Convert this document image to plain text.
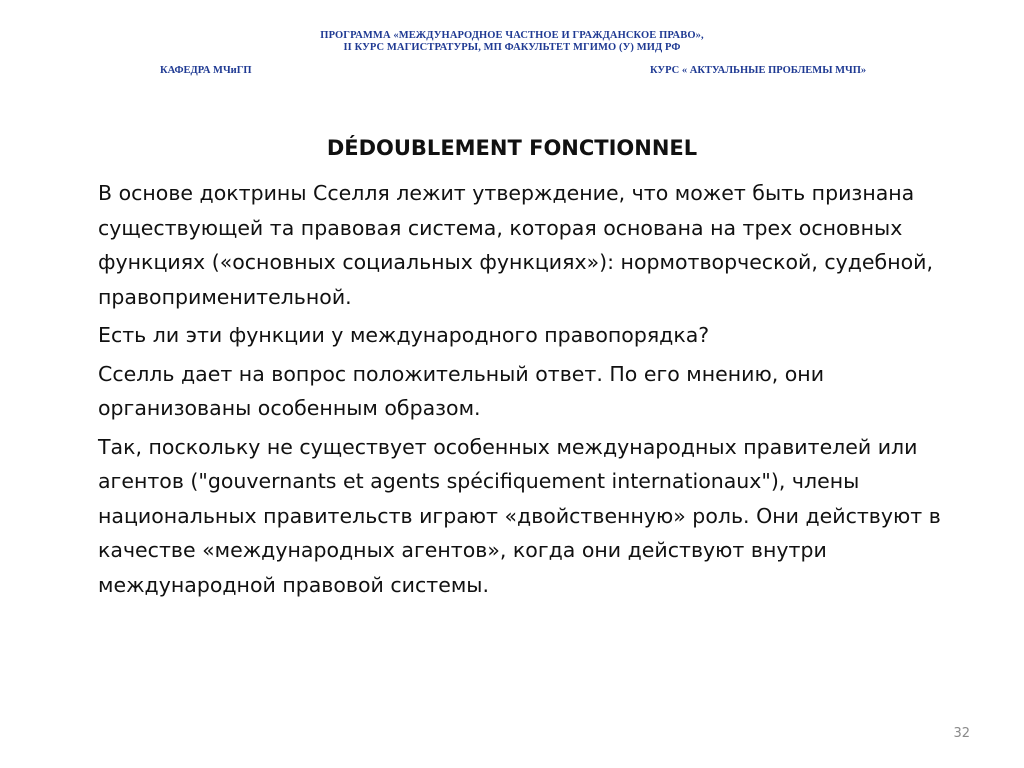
ПРОГРАММА «МЕЖДУНАРОДНОЕ ЧАСТНОЕ И ГРАЖДАНСКОЕ ПРАВО»,
II КУРС МАГИСТРАТУРЫ, МП ФАКУЛЬТЕТ МГИМО (У) МИД РФ
КАФЕДРА МЧиГП	КУРС « АКТУАЛЬНЫЕ ПРОБЛЕМЫ МЧП»
DÉDOUBLEMENT FONCTIONNEL

В основе доктрины Сселля лежит утверждение, что может быть признана существующей та правовая система, которая основана на трех основных функциях («основных социальных функциях»): нормотворческой, судебной, правоприменительной.

Есть ли эти функции у международного правопорядка?

Сселль дает на вопрос положительный ответ. По его мнению, они организованы особенным образом.

Так, поскольку не существует особенных международных правителей или агентов ("gouvernants et agents spécifiquement internationaux"), члены национальных правительств играют «двойственную» роль. Они действуют в качестве «международных агентов», когда они действуют внутри международной правовой системы.

32
